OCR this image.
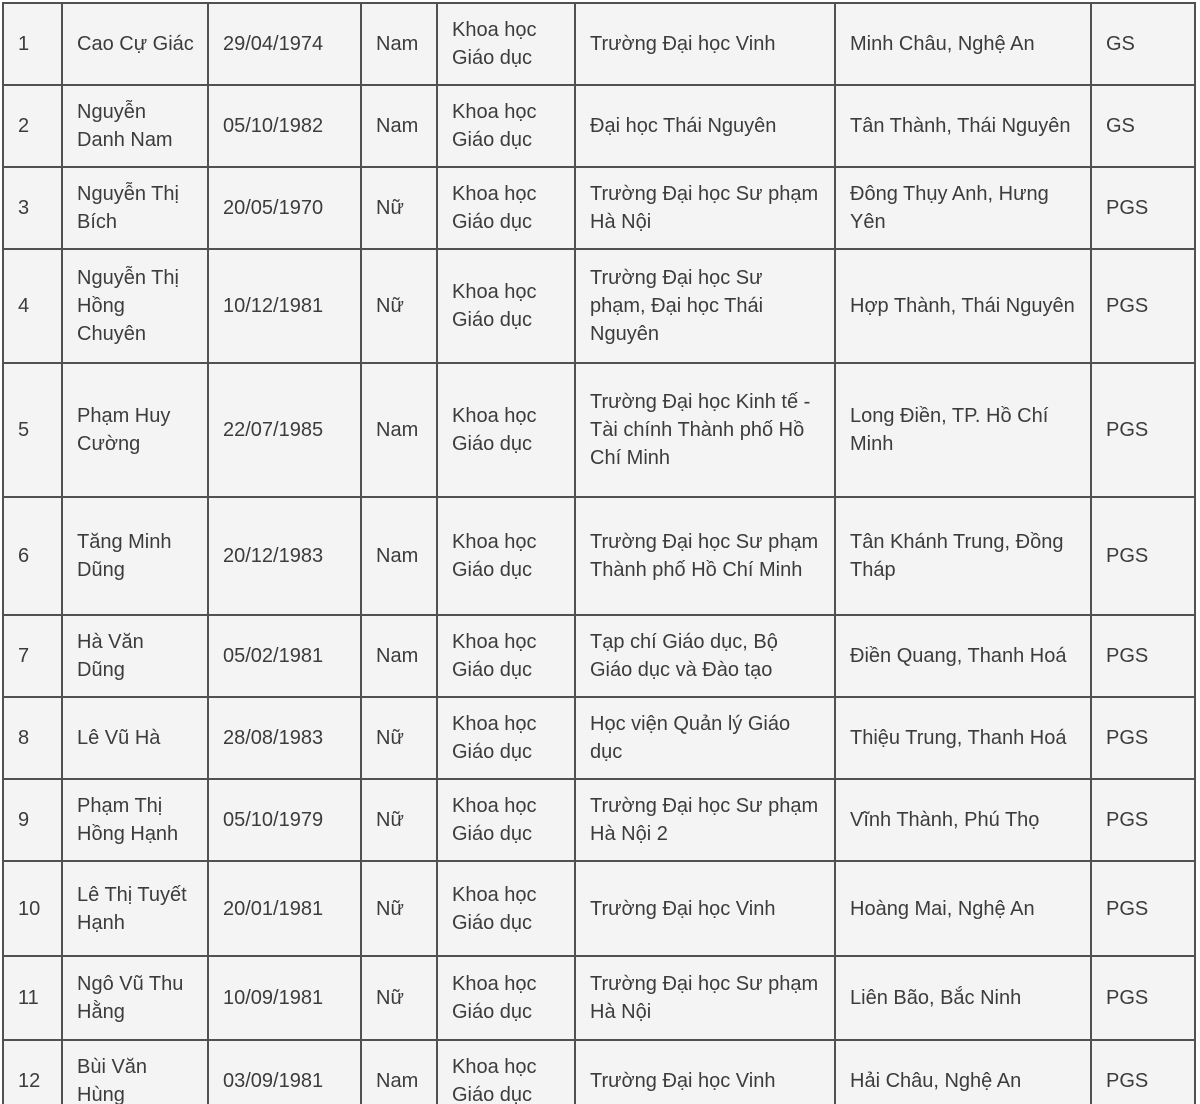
1	Cao Cự Giác	29/04/1974	Nam	Khoa học Giáo dục	Trường Đại học Vinh	Minh Châu, Nghệ An	GS
2	Nguyễn Danh Nam	05/10/1982	Nam	Khoa học Giáo dục	Đại học Thái Nguyên	Tân Thành, Thái Nguyên	GS
3	Nguyễn Thị Bích	20/05/1970	Nữ	Khoa học Giáo dục	Trường Đại học Sư phạm Hà Nội	Đông Thụy Anh, Hưng Yên	PGS
4	Nguyễn Thị Hồng Chuyên	10/12/1981	Nữ	Khoa học Giáo dục	Trường Đại học Sư phạm, Đại học Thái Nguyên	Hợp Thành, Thái Nguyên	PGS
5	Phạm Huy Cường	22/07/1985	Nam	Khoa học Giáo dục	Trường Đại học Kinh tế - Tài chính Thành phố Hồ Chí Minh	Long Điền, TP. Hồ Chí Minh	PGS
6	Tăng Minh Dũng	20/12/1983	Nam	Khoa học Giáo dục	Trường Đại học Sư phạm Thành phố Hồ Chí Minh	Tân Khánh Trung, Đồng Tháp	PGS
7	Hà Văn Dũng	05/02/1981	Nam	Khoa học Giáo dục	Tạp chí Giáo dục, Bộ Giáo dục và Đào tạo	Điền Quang, Thanh Hoá	PGS
8	Lê Vũ Hà	28/08/1983	Nữ	Khoa học Giáo dục	Học viện Quản lý Giáo dục	Thiệu Trung, Thanh Hoá	PGS
9	Phạm Thị Hồng Hạnh	05/10/1979	Nữ	Khoa học Giáo dục	Trường Đại học Sư phạm Hà Nội 2	Vĩnh Thành, Phú Thọ	PGS
10	Lê Thị Tuyết Hạnh	20/01/1981	Nữ	Khoa học Giáo dục	Trường Đại học Vinh	Hoàng Mai, Nghệ An	PGS
11	Ngô Vũ Thu Hằng	10/09/1981	Nữ	Khoa học Giáo dục	Trường Đại học Sư phạm Hà Nội	Liên Bão, Bắc Ninh	PGS
12	Bùi Văn Hùng	03/09/1981	Nam	Khoa học Giáo dục	Trường Đại học Vinh	Hải Châu, Nghệ An	PGS
